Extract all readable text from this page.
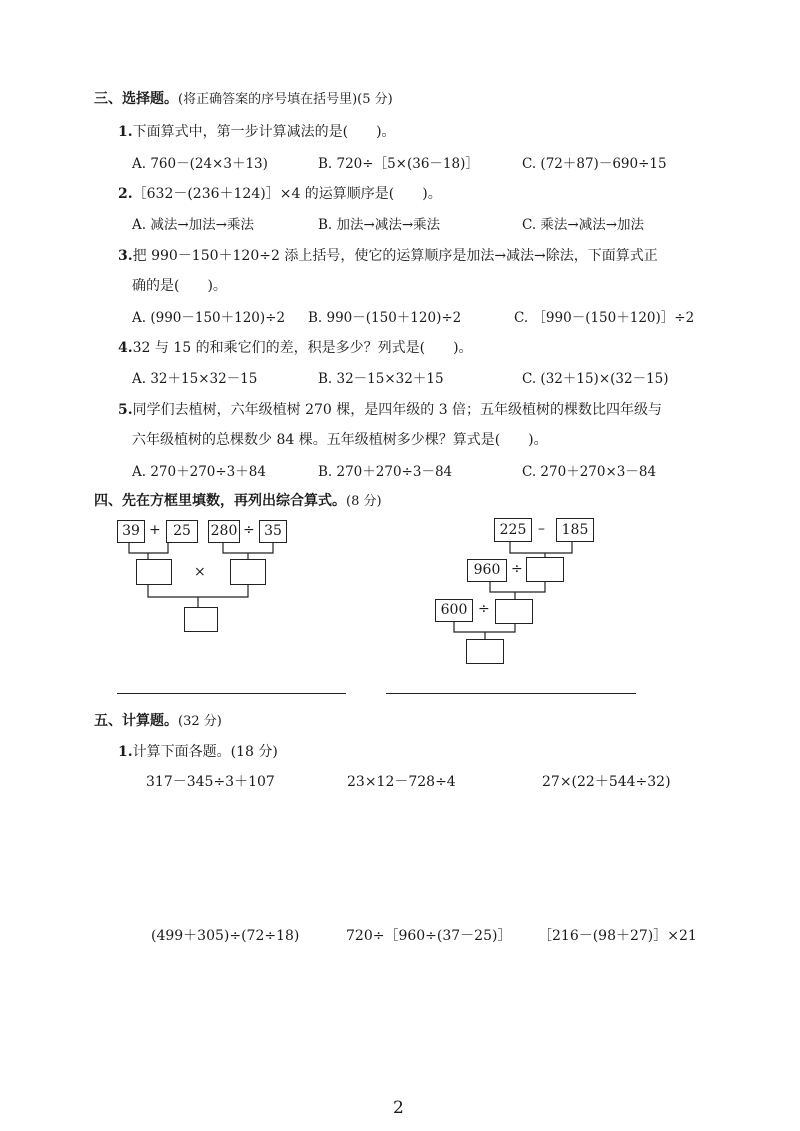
三、选择题。(将正确答案的序号填在括号里)(5 分)
1.下面算式中，第一步计算减法的是(　　)。
A. 760－(24×3＋13)	B. 720÷［5×(36－18)］	C. (72＋87)－690÷15
2.［632－(236＋124)］×4 的运算顺序是(　　)。
A. 减法→加法→乘法	B. 加法→减法→乘法	C. 乘法→减法→加法
3.把 990－150＋120÷2 添上括号，使它的运算顺序是加法→减法→除法，下面算式正
确的是(　　)。
A. (990－150＋120)÷2 B. 990－(150＋120)÷2	C. ［990－(150＋120)］÷2
4.32 与 15 的和乘它们的差，积是多少？列式是(　　)。
A. 32＋15×32－15	B. 32－15×32＋15	C. (32＋15)×(32－15)
5.同学们去植树，六年级植树 270 棵，是四年级的 3 倍；五年级植树的棵数比四年级与
六年级植树的总棵数少 84 棵。五年级植树多少棵？算式是(　　)。
A. 270＋270÷3＋84	B. 270＋270÷3－84	C. 270＋270×3－84
四、先在方框里填数，再列出综合算式。(8 分)
39 + 25	280 ÷ 35
×
225 –	185
960 ÷
600 ÷
五、计算题。(32 分)
1.计算下面各题。(18 分)
317－345÷3＋107	23×12－728÷4	27×(22＋544÷32)
(499＋305)÷(72÷18)	720÷［960÷(37－25)］ ［216－(98＋27)］×21
2
